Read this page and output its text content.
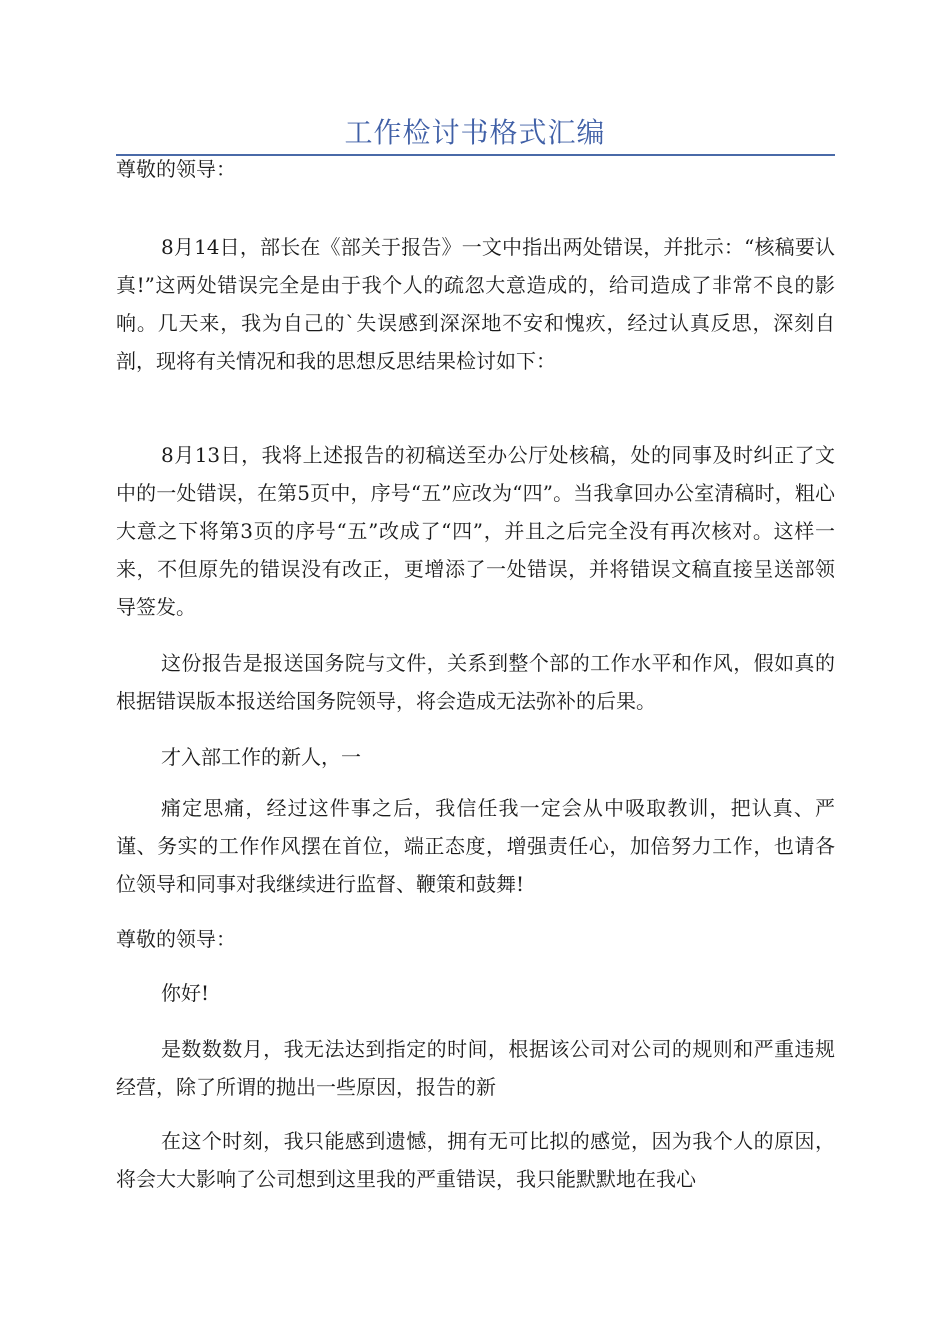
工作检讨书格式汇编

尊敬的领导：

8月14日，部长在《部关于报告》一文中指出两处错误，并批示：“核稿要认真!”这两处错误完全是由于我个人的疏忽大意造成的，给司造成了非常不良的影响。几天来，我为自己的`失误感到深深地不安和愧疚，经过认真反思，深刻自剖，现将有关情况和我的思想反思结果检讨如下：

8月13日，我将上述报告的初稿送至办公厅处核稿，处的同事及时纠正了文中的一处错误，在第5页中，序号“五”应改为“四”。当我拿回办公室清稿时，粗心大意之下将第3页的序号“五”改成了“四”，并且之后完全没有再次核对。这样一来，不但原先的错误没有改正，更增添了一处错误，并将错误文稿直接呈送部领导签发。

这份报告是报送国务院与文件，关系到整个部的工作水平和作风，假如真的根据错误版本报送给国务院领导，将会造成无法弥补的后果。

才入部工作的新人，一

痛定思痛，经过这件事之后，我信任我一定会从中吸取教训，把认真、严谨、务实的工作作风摆在首位，端正态度，增强责任心，加倍努力工作，也请各位领导和同事对我继续进行监督、鞭策和鼓舞!

尊敬的领导：

你好!

是数数数月，我无法达到指定的时间，根据该公司对公司的规则和严重违规经营，除了所谓的抛出一些原因，报告的新

在这个时刻，我只能感到遗憾，拥有无可比拟的感觉，因为我个人的原因，将会大大影响了公司想到这里我的严重错误，我只能默默地在我心
